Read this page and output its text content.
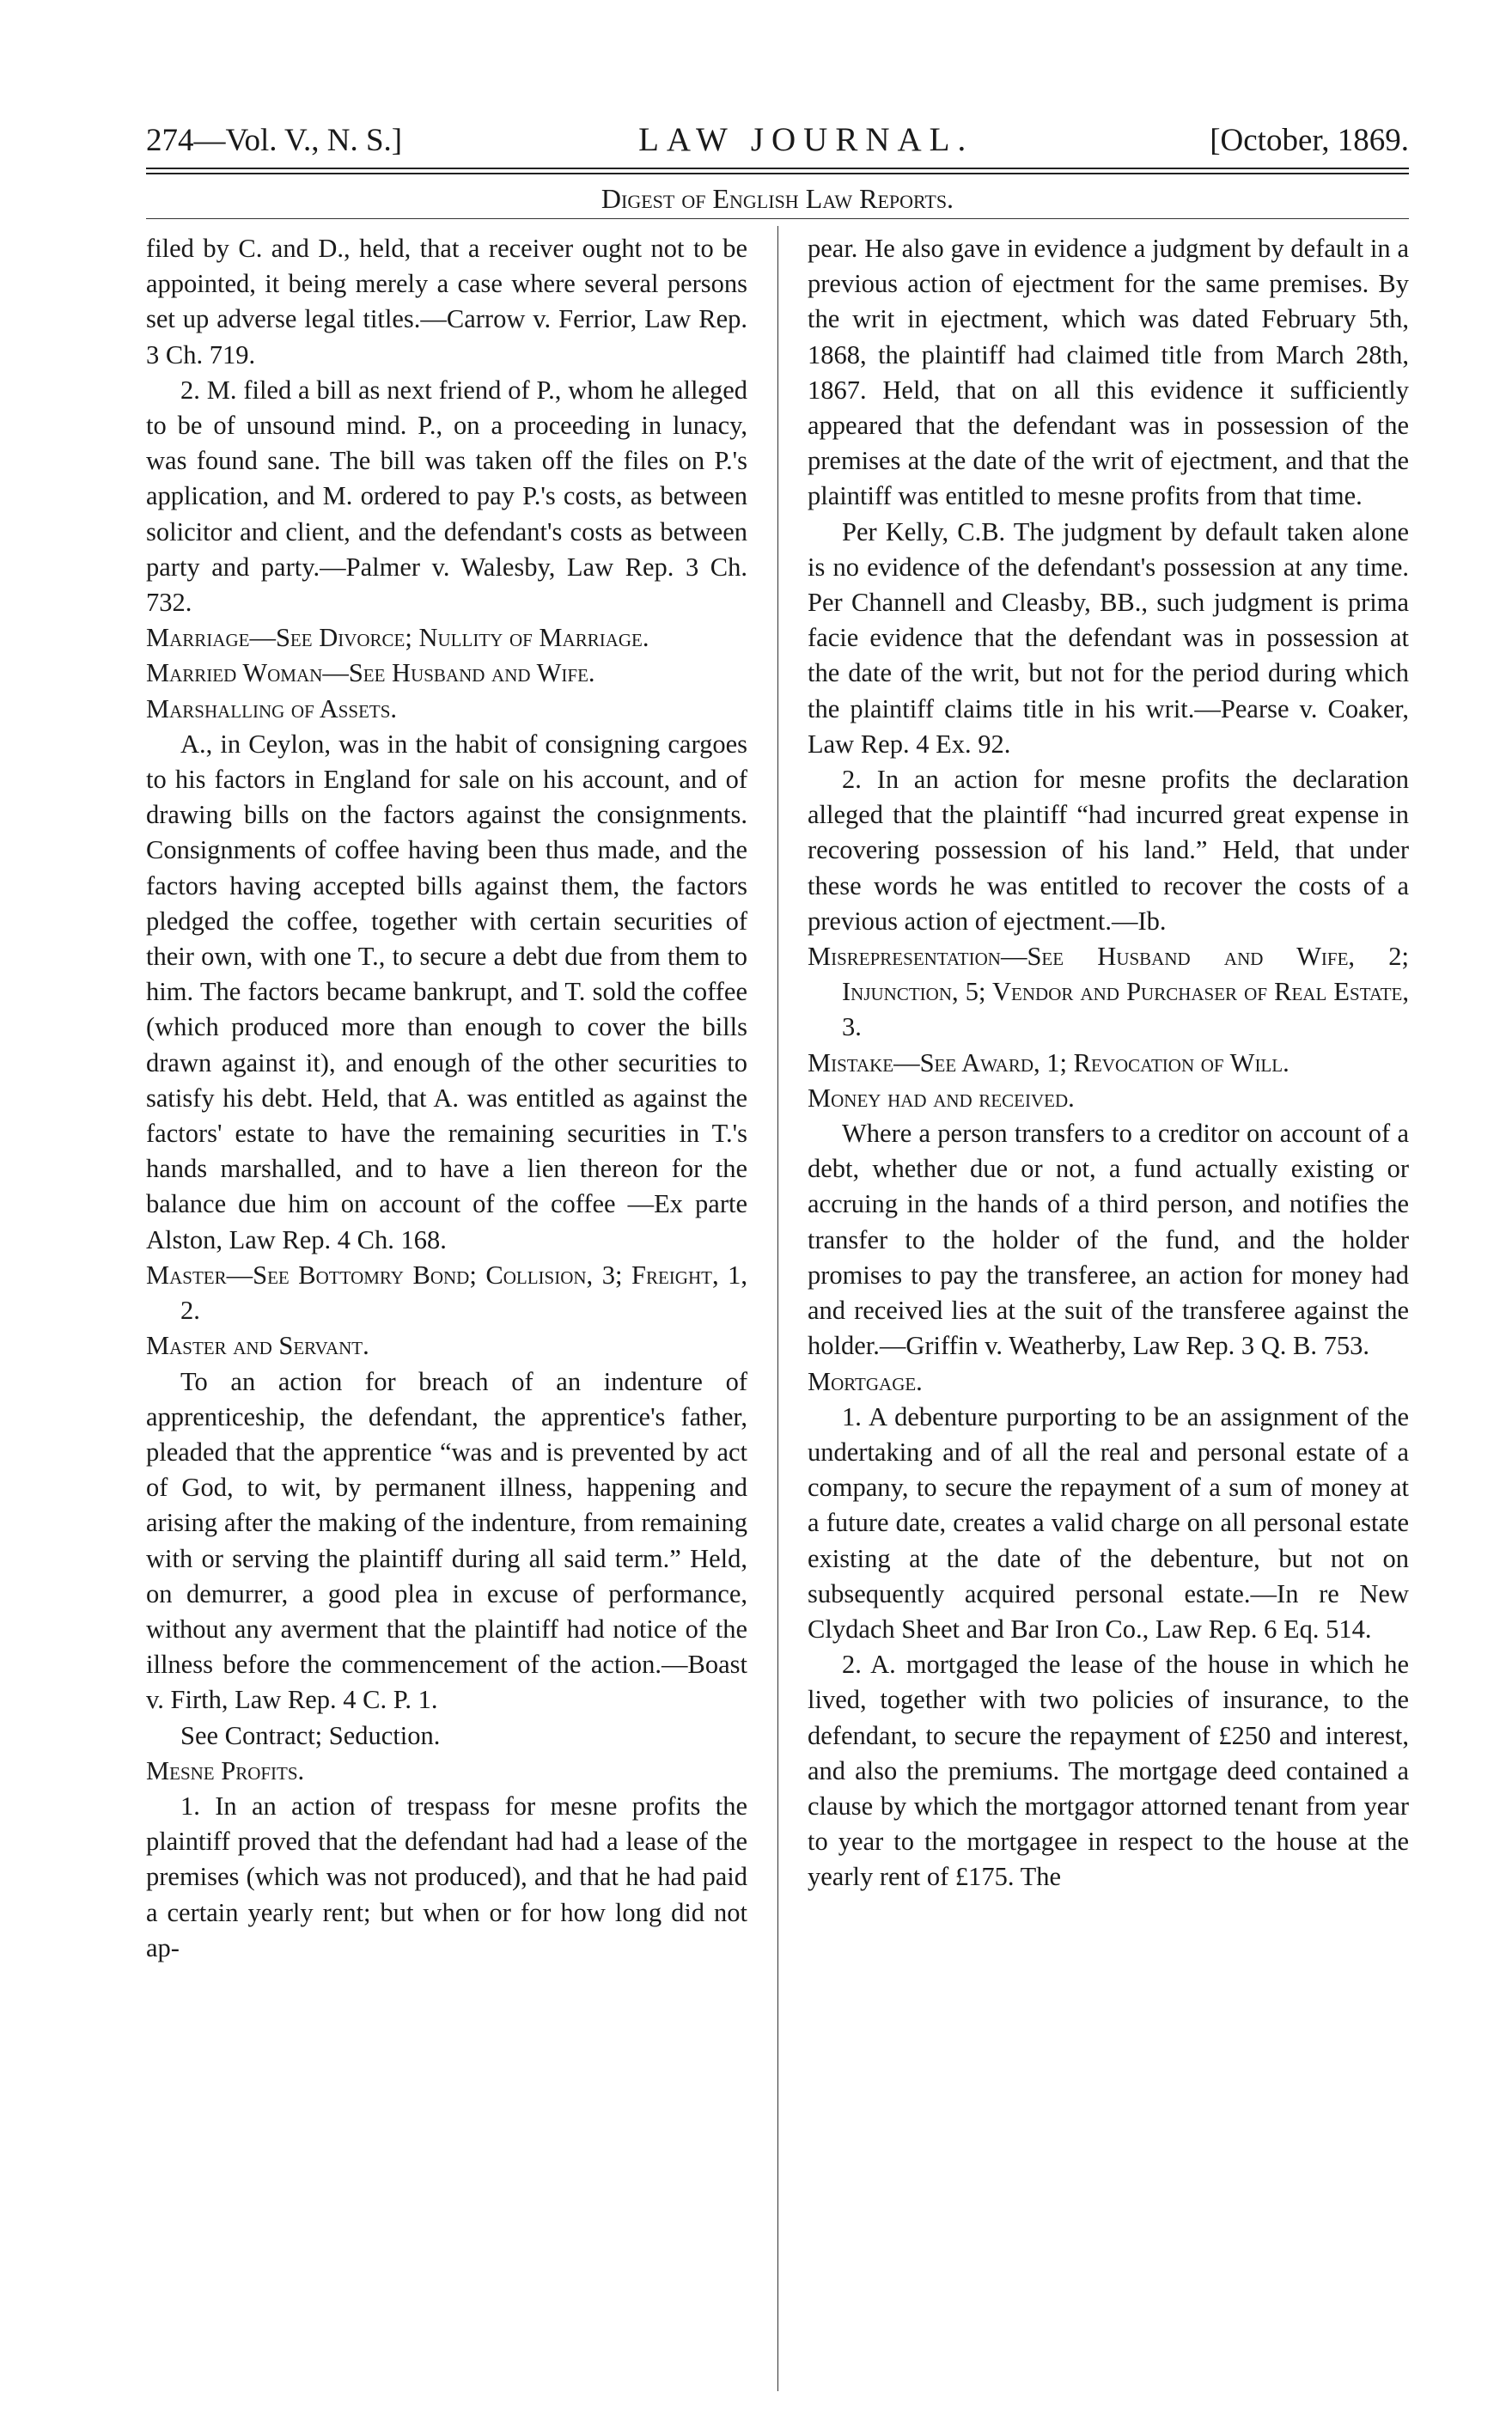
274—Vol. V., N. S.]	LAW JOURNAL.	[October, 1869.
Digest of English Law Reports.

filed by C. and D., held, that a receiver ought not to be appointed, it being merely a case where several persons set up adverse legal titles.—Carrow v. Ferrior, Law Rep. 3 Ch. 719.

2. M. filed a bill as next friend of P., whom he alleged to be of unsound mind. P., on a proceeding in lunacy, was found sane. The bill was taken off the files on P.'s application, and M. ordered to pay P.'s costs, as between solicitor and client, and the defendant's costs as between party and party.—Palmer v. Walesby, Law Rep. 3 Ch. 732.

Marriage—See Divorce; Nullity of Marriage.

Married Woman—See Husband and Wife.

Marshalling of Assets.

A., in Ceylon, was in the habit of consigning cargoes to his factors in England for sale on his account, and of drawing bills on the factors against the consignments. Consignments of coffee having been thus made, and the factors having accepted bills against them, the factors pledged the coffee, together with certain securities of their own, with one T., to secure a debt due from them to him. The factors became bankrupt, and T. sold the coffee (which produced more than enough to cover the bills drawn against it), and enough of the other securities to satisfy his debt. Held, that A. was entitled as against the factors' estate to have the remaining securities in T.'s hands marshalled, and to have a lien thereon for the balance due him on account of the coffee —Ex parte Alston, Law Rep. 4 Ch. 168.

Master—See Bottomry Bond; Collision, 3; Freight, 1, 2.

Master and Servant.

To an action for breach of an indenture of apprenticeship, the defendant, the apprentice's father, pleaded that the apprentice “was and is prevented by act of God, to wit, by permanent illness, happening and arising after the making of the indenture, from remaining with or serving the plaintiff during all said term.” Held, on demurrer, a good plea in excuse of performance, without any averment that the plaintiff had notice of the illness before the commencement of the action.—Boast v. Firth, Law Rep. 4 C. P. 1.

See Contract; Seduction.

Mesne Profits.

1. In an action of trespass for mesne profits the plaintiff proved that the defendant had had a lease of the premises (which was not produced), and that he had paid a certain yearly rent; but when or for how long did not ap-

pear. He also gave in evidence a judgment by default in a previous action of ejectment for the same premises. By the writ in ejectment, which was dated February 5th, 1868, the plaintiff had claimed title from March 28th, 1867. Held, that on all this evidence it sufficiently appeared that the defendant was in possession of the premises at the date of the writ of ejectment, and that the plaintiff was entitled to mesne profits from that time.

Per Kelly, C.B. The judgment by default taken alone is no evidence of the defendant's possession at any time. Per Channell and Cleasby, BB., such judgment is prima facie evidence that the defendant was in possession at the date of the writ, but not for the period during which the plaintiff claims title in his writ.—Pearse v. Coaker, Law Rep. 4 Ex. 92.

2. In an action for mesne profits the declaration alleged that the plaintiff “had incurred great expense in recovering possession of his land.” Held, that under these words he was entitled to recover the costs of a previous action of ejectment.—Ib.

Misrepresentation—See Husband and Wife, 2; Injunction, 5; Vendor and Purchaser of Real Estate, 3.

Mistake—See Award, 1; Revocation of Will.

Money had and received.

Where a person transfers to a creditor on account of a debt, whether due or not, a fund actually existing or accruing in the hands of a third person, and notifies the transfer to the holder of the fund, and the holder promises to pay the transferee, an action for money had and received lies at the suit of the transferee against the holder.—Griffin v. Weatherby, Law Rep. 3 Q. B. 753.

Mortgage.

1. A debenture purporting to be an assignment of the undertaking and of all the real and personal estate of a company, to secure the repayment of a sum of money at a future date, creates a valid charge on all personal estate existing at the date of the debenture, but not on subsequently acquired personal estate.—In re New Clydach Sheet and Bar Iron Co., Law Rep. 6 Eq. 514.

2. A. mortgaged the lease of the house in which he lived, together with two policies of insurance, to the defendant, to secure the repayment of £250 and interest, and also the premiums. The mortgage deed contained a clause by which the mortgagor attorned tenant from year to year to the mortgagee in respect to the house at the yearly rent of £175. The
